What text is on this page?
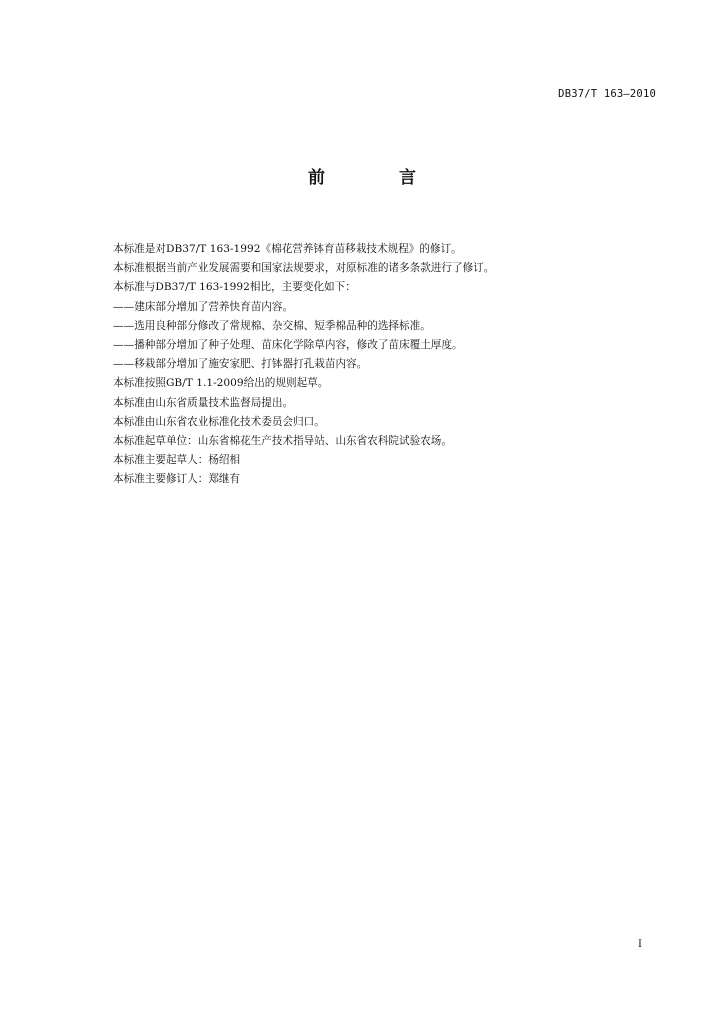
DB37/T 163—2010
前 言
本标准是对DB37/T 163-1992《棉花营养钵育苗移栽技术规程》的修订。
本标准根据当前产业发展需要和国家法规要求，对原标准的诸多条款进行了修订。
本标准与DB37/T 163-1992相比，主要变化如下：
——建床部分增加了营养快育苗内容。
——选用良种部分修改了常规棉、杂交棉、短季棉品种的选择标准。
——播种部分增加了种子处理、苗床化学除草内容，修改了苗床覆土厚度。
——移栽部分增加了施安家肥、打钵器打孔栽苗内容。
本标准按照GB/T 1.1-2009给出的规则起草。
本标准由山东省质量技术监督局提出。
本标准由山东省农业标准化技术委员会归口。
本标准起草单位：山东省棉花生产技术指导站、山东省农科院试验农场。
本标准主要起草人：杨绍相
本标准主要修订人：郑继有
I
